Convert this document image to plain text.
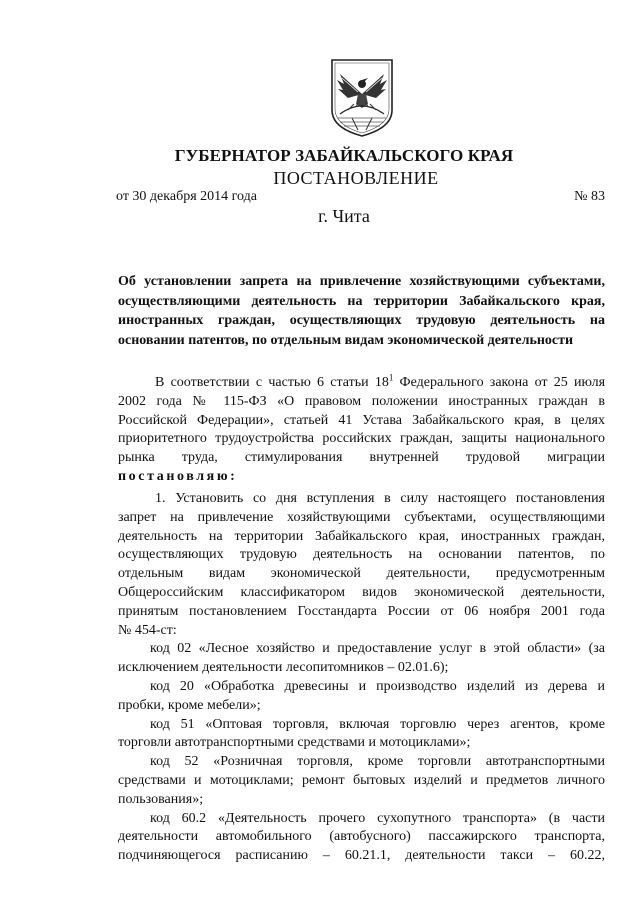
ГУБЕРНАТОР ЗАБАЙКАЛЬСКОГО КРАЯ
ПОСТАНОВЛЕНИЕ
от 30 декабря 2014 года	№ 83
г. Чита
Об установлении запрета на привлечение хозяйствующими субъектами,
осуществляющими деятельность на территории Забайкальского края,
иностранных граждан, осуществляющих трудовую деятельность на
основании патентов, по отдельным видам экономической деятельности
В соответствии с частью 6 статьи $18^1$ Федерального закона от 25 июля
2002 года № 115-ФЗ «О правовом положении иностранных граждан в
Российской Федерации», статьей 41 Устава Забайкальского края, в целях
приоритетного трудоустройства российских граждан, защиты национального
рынка труда, стимулирования внутренней трудовой миграции
постановляю:
1. Установить со дня вступления в силу настоящего постановления
запрет на привлечение хозяйствующими субъектами, осуществляющими
деятельность на территории Забайкальского края, иностранных граждан,
осуществляющих трудовую деятельность на основании патентов, по
отдельным видам экономической деятельности, предусмотренным
Общероссийским классификатором видов экономической деятельности,
принятым постановлением Госстандарта России от 06 ноября 2001 года
№ 454-ст:
код 02 «Лесное хозяйство и предоставление услуг в этой области» (за
исключением деятельности лесопитомников – 02.01.6);
код 20 «Обработка древесины и производство изделий из дерева и
пробки, кроме мебели»;
код 51 «Оптовая торговля, включая торговлю через агентов, кроме
торговли автотранспортными средствами и мотоциклами»;
код 52 «Розничная торговля, кроме торговли автотранспортными
средствами и мотоциклами; ремонт бытовых изделий и предметов личного
пользования»;
код 60.2 «Деятельность прочего сухопутного транспорта» (в части
деятельности автомобильного (автобусного) пассажирского транспорта,
подчиняющегося расписанию – 60.21.1, деятельности такси – 60.22,
